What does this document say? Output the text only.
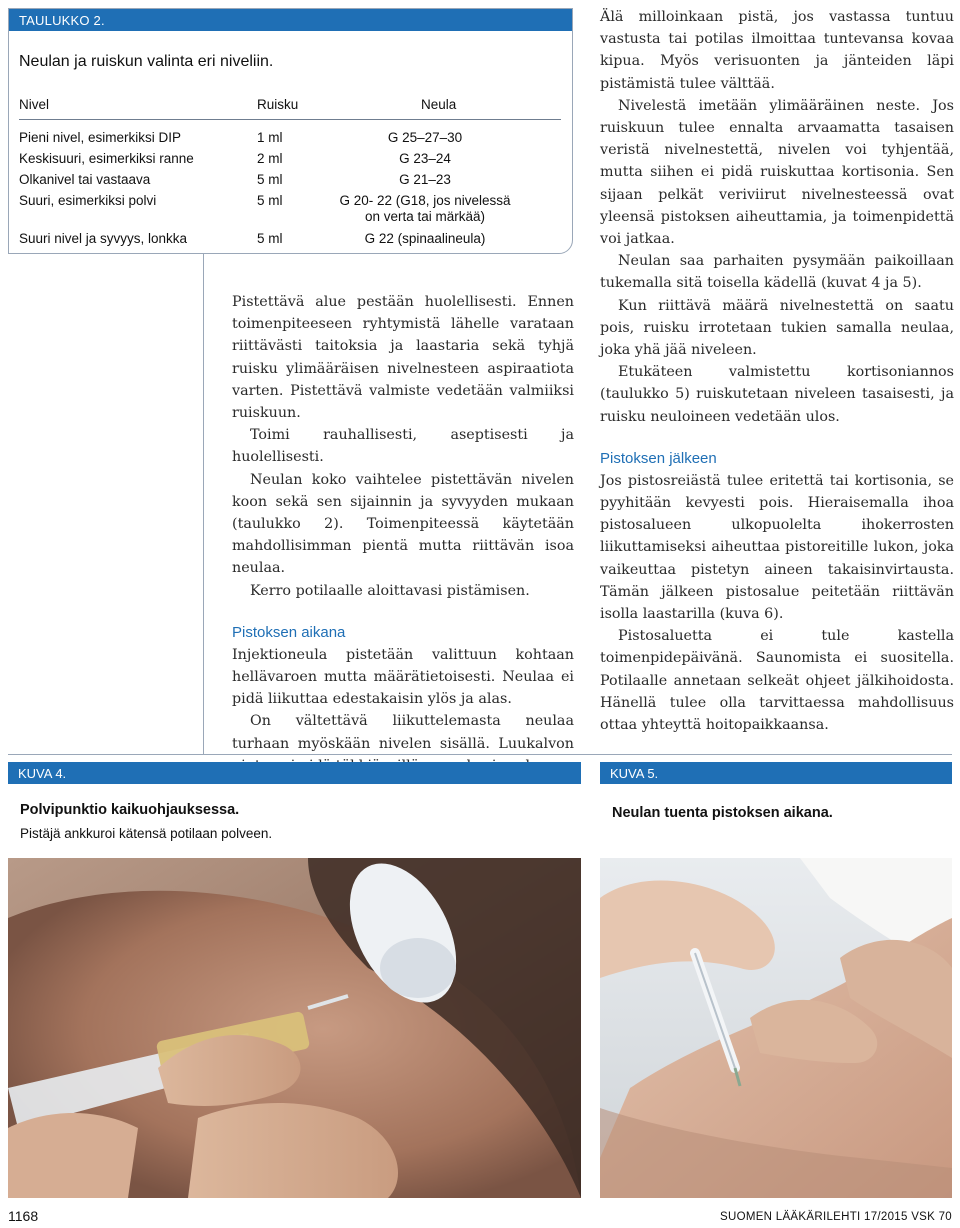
TAULUKKO 2.
Neulan ja ruiskun valinta eri niveliin.
Nivel	Ruisku	Neula
Pieni nivel, esimerkiksi DIP	1 ml	G 25–27–30
Keskisuuri, esimerkiksi ranne	2 ml	G 23–24
Olkanivel tai vastaava	5 ml	G 21–23
Suuri, esimerkiksi polvi	5 ml	G 20- 22 (G18, jos nivelessä
on verta tai märkää)
Suuri nivel ja syvyys, lonkka	5 ml	G 22 (spinaalineula)

Pistettävä alue pestään huolellisesti. Ennen toimenpiteeseen ryhtymistä lähelle varataan riittävästi taitoksia ja laastaria sekä tyhjä ruisku ylimääräisen nivelnesteen aspiraatiota varten. Pistettävä valmiste vedetään valmiiksi ruiskuun.

Toimi rauhallisesti, aseptisesti ja huolellisesti.

Neulan koko vaihtelee pistettävän nivelen koon sekä sen sijainnin ja syvyyden mukaan (taulukko 2). Toimenpiteessä käytetään mahdollisimman pientä mutta riittävän isoa neulaa.

Kerro potilaalle aloittavasi pistämisen.

Pistoksen aikana

Injektioneula pistetään valittuun kohtaan hellävaroen mutta määrätietoisesti. Neulaa ei pidä liikuttaa edestakaisin ylös ja alas.

On vältettävä liikuttelemasta neulaa turhaan myöskään nivelen sisällä. Luukalvon

Älä milloinkaan pistä, jos vastassa tuntuu vastusta tai potilas ilmoittaa tuntevansa kovaa kipua. Myös verisuonten ja jänteiden läpi pistämistä tulee välttää.

Nivelestä imetään ylimääräinen neste. Jos ruiskuun tulee ennalta arvaamatta tasaisen veristä nivelnestettä, nivelen voi tyhjentää, mutta siihen ei pidä ruiskuttaa kortisonia. Sen sijaan pelkät veriviirut nivelnesteessä ovat yleensä pistoksen aiheuttamia, ja toimenpidettä voi jatkaa.

Neulan saa parhaiten pysymään paikoillaan tukemalla sitä toisella kädellä (kuvat 4 ja 5).

Kun riittävä määrä nivelnestettä on saatu pois, ruisku irrotetaan tukien samalla neulaa, joka yhä jää niveleen.

Etukäteen valmistettu kortisoniannos (taulukko 5) ruiskutetaan niveleen tasaisesti, ja ruisku neuloineen vedetään ulos.

Pistoksen jälkeen

Jos pistosreiästä tulee eritettä tai kortisonia, se pyyhitään kevyesti pois. Hieraisemalla ihoa pistosalueen ulkopuolelta ihokerrosten liikuttamiseksi aiheuttaa pistoreitille lukon, joka vaikeuttaa pistetyn aineen takaisinvirtausta. Tämän jälkeen pistosalue peitetään riittävän isolla laastarilla (kuva 6).

Pistosaluetta ei tule kastella toimenpidepäivänä. Saunomista ei suositella. Potilaalle annetaan selkeät ohjeet jälkihoidosta. Hänellä tulee olla tarvittaessa mahdollisuus ottaa yhteyttä hoitopaikkaansa.

KUVA 4.
Polvipunktio kaikuohjauksessa.
Pistäjä ankkuroi kätensä potilaan polveen.
KUVA 5.
Neulan tuenta pistoksen aikana.
1168	SUOMEN LÄÄKÄRILEHTI 17/2015 VSK 70
